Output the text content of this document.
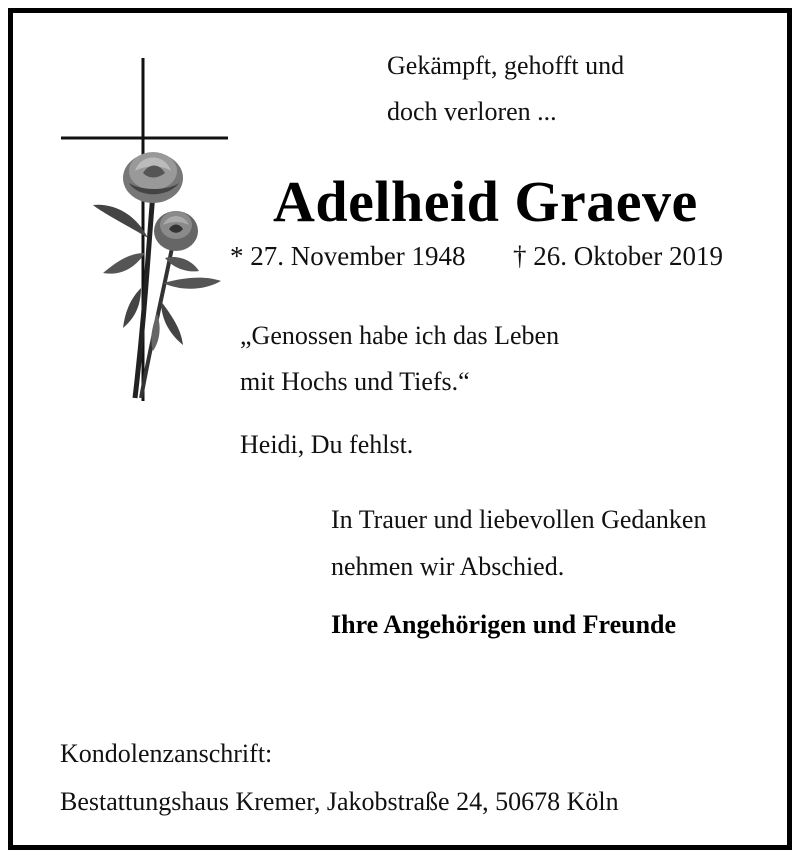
Gekämpft, gehofft und
doch verloren ...
Adelheid Graeve
* 27. November 1948 † 26. Oktober 2019
„Genossen habe ich das Leben
mit Hochs und Tiefs.“
Heidi, Du fehlst.
In Trauer und liebevollen Gedanken
nehmen wir Abschied.
Ihre Angehörigen und Freunde
Kondolenzanschrift:
Bestattungshaus Kremer, Jakobstraße 24, 50678 Köln
